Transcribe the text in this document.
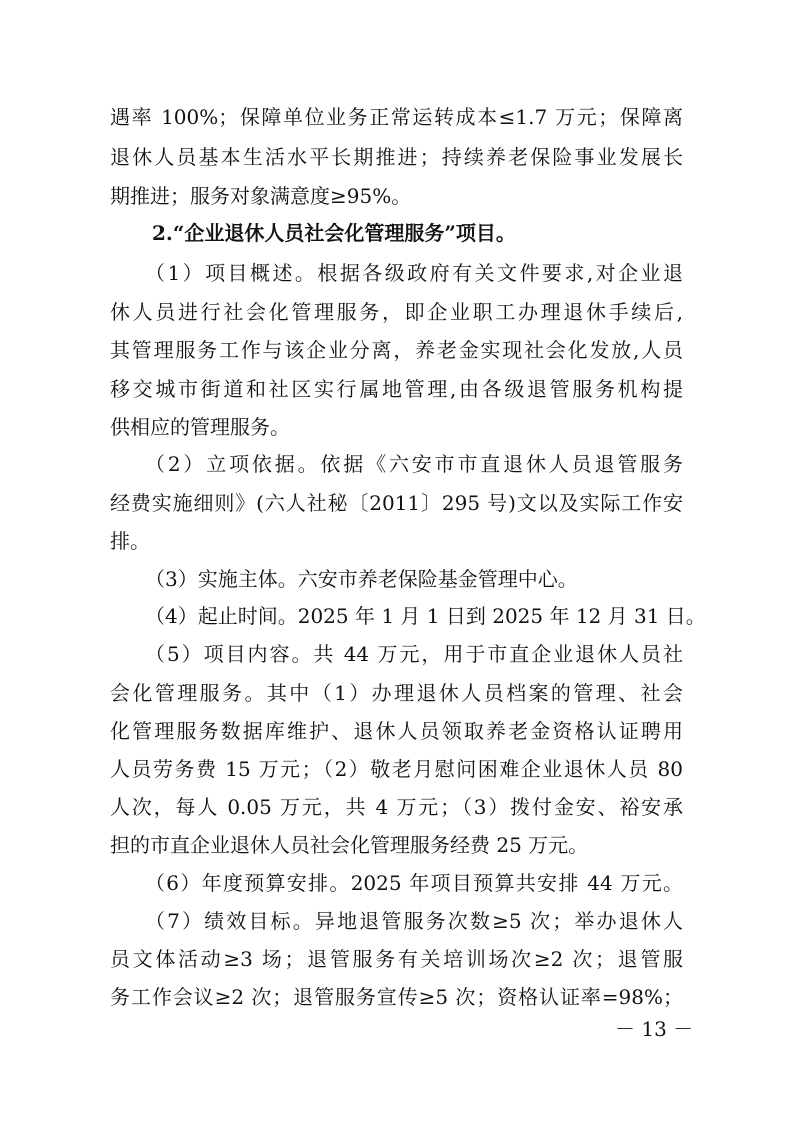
遇率 100%；保障单位业务正常运转成本≤1.7 万元；保障离
退休人员基本生活水平长期推进；持续养老保险事业发展长
期推进；服务对象满意度≥95%。
2.“企业退休人员社会化管理服务”项目。
（1）项目概述。根据各级政府有关文件要求,对企业退
休人员进行社会化管理服务，即企业职工办理退休手续后,
其管理服务工作与该企业分离，养老金实现社会化发放,人员
移交城市街道和社区实行属地管理,由各级退管服务机构提
供相应的管理服务。
（2）立项依据。依据《六安市市直退休人员退管服务
经费实施细则》(六人社秘〔2011〕295 号)文以及实际工作安
排。
（3）实施主体。六安市养老保险基金管理中心。
（4）起止时间。2025 年 1 月 1 日到 2025 年 12 月 31 日。
（5）项目内容。共 44 万元，用于市直企业退休人员社
会化管理服务。其中（1）办理退休人员档案的管理、社会
化管理服务数据库维护、退休人员领取养老金资格认证聘用
人员劳务费 15 万元；（2）敬老月慰问困难企业退休人员 80
人次，每人 0.05 万元，共 4 万元；（3）拨付金安、裕安承
担的市直企业退休人员社会化管理服务经费 25 万元。
（6）年度预算安排。2025 年项目预算共安排 44 万元。
（7）绩效目标。异地退管服务次数≥5 次；举办退休人
员文体活动≥3 场；退管服务有关培训场次≥2 次；退管服
务工作会议≥2 次；退管服务宣传≥5 次；资格认证率=98%；
－ 13 －
